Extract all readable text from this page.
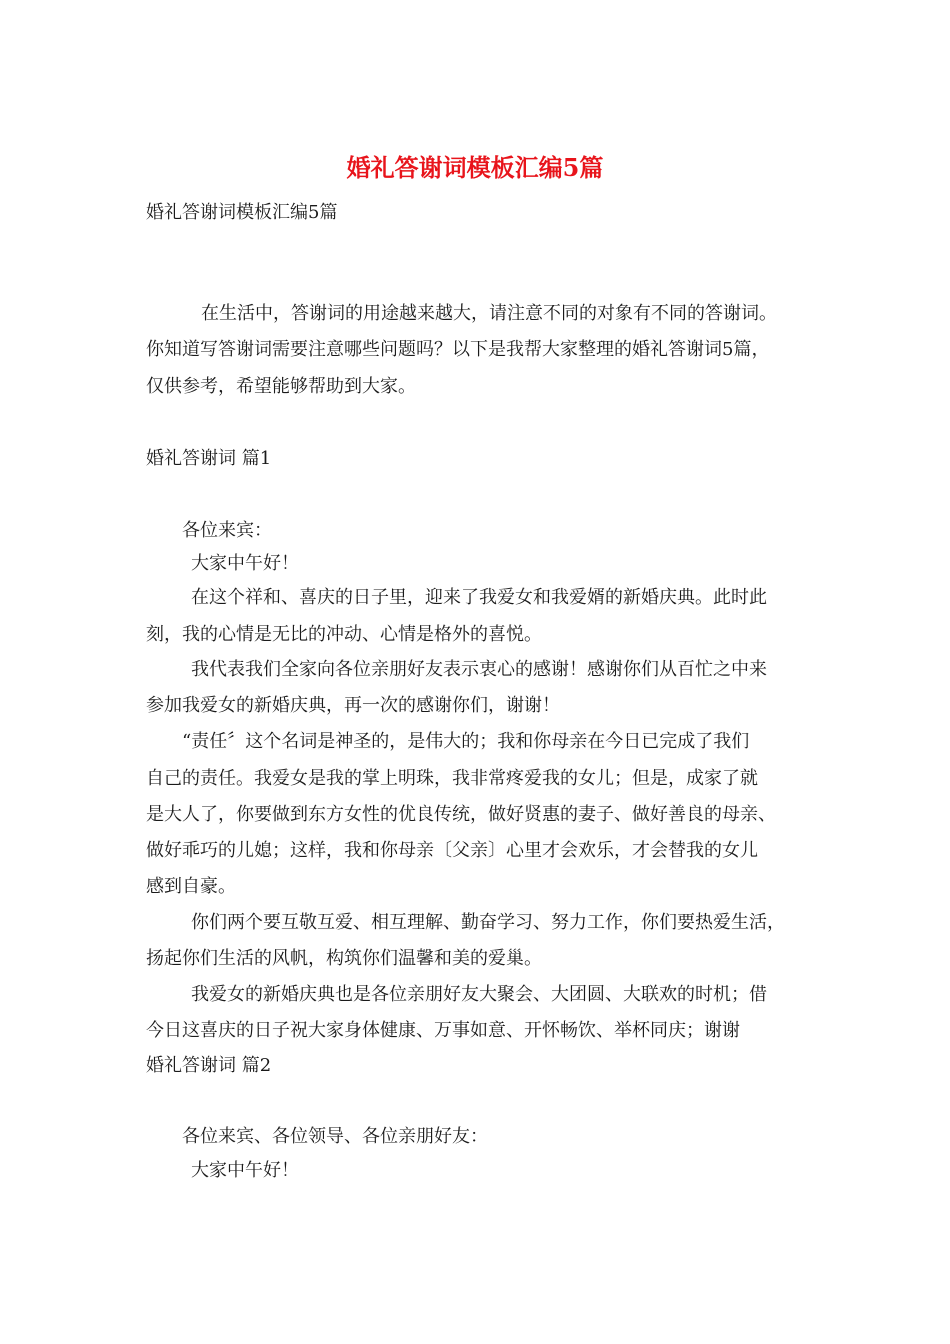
婚礼答谢词模板汇编5篇

婚礼答谢词模板汇编5篇

在生活中，答谢词的用途越来越大，请注意不同的对象有不同的答谢词。

你知道写答谢词需要注意哪些问题吗？以下是我帮大家整理的婚礼答谢词5篇，

仅供参考，希望能够帮助到大家。

婚礼答谢词 篇1

各位来宾：

大家中午好！

在这个祥和、喜庆的日子里，迎来了我爱女和我爱婿的新婚庆典。此时此

刻，我的心情是无比的冲动、心情是格外的喜悦。

我代表我们全家向各位亲朋好友表示衷心的感谢！感谢你们从百忙之中来

参加我爱女的新婚庆典，再一次的感谢你们，谢谢！

“责任〞这个名词是神圣的，是伟大的；我和你母亲在今日已完成了我们

自己的责任。我爱女是我的掌上明珠，我非常疼爱我的女儿；但是，成家了就

是大人了，你要做到东方女性的优良传统，做好贤惠的妻子、做好善良的母亲、

做好乖巧的儿媳；这样，我和你母亲〔父亲〕心里才会欢乐，才会替我的女儿

感到自豪。

你们两个要互敬互爱、相互理解、勤奋学习、努力工作，你们要热爱生活，

扬起你们生活的风帆，构筑你们温馨和美的爱巢。

我爱女的新婚庆典也是各位亲朋好友大聚会、大团圆、大联欢的时机；借

今日这喜庆的日子祝大家身体健康、万事如意、开怀畅饮、举杯同庆；谢谢

婚礼答谢词 篇2

各位来宾、各位领导、各位亲朋好友：

大家中午好！
